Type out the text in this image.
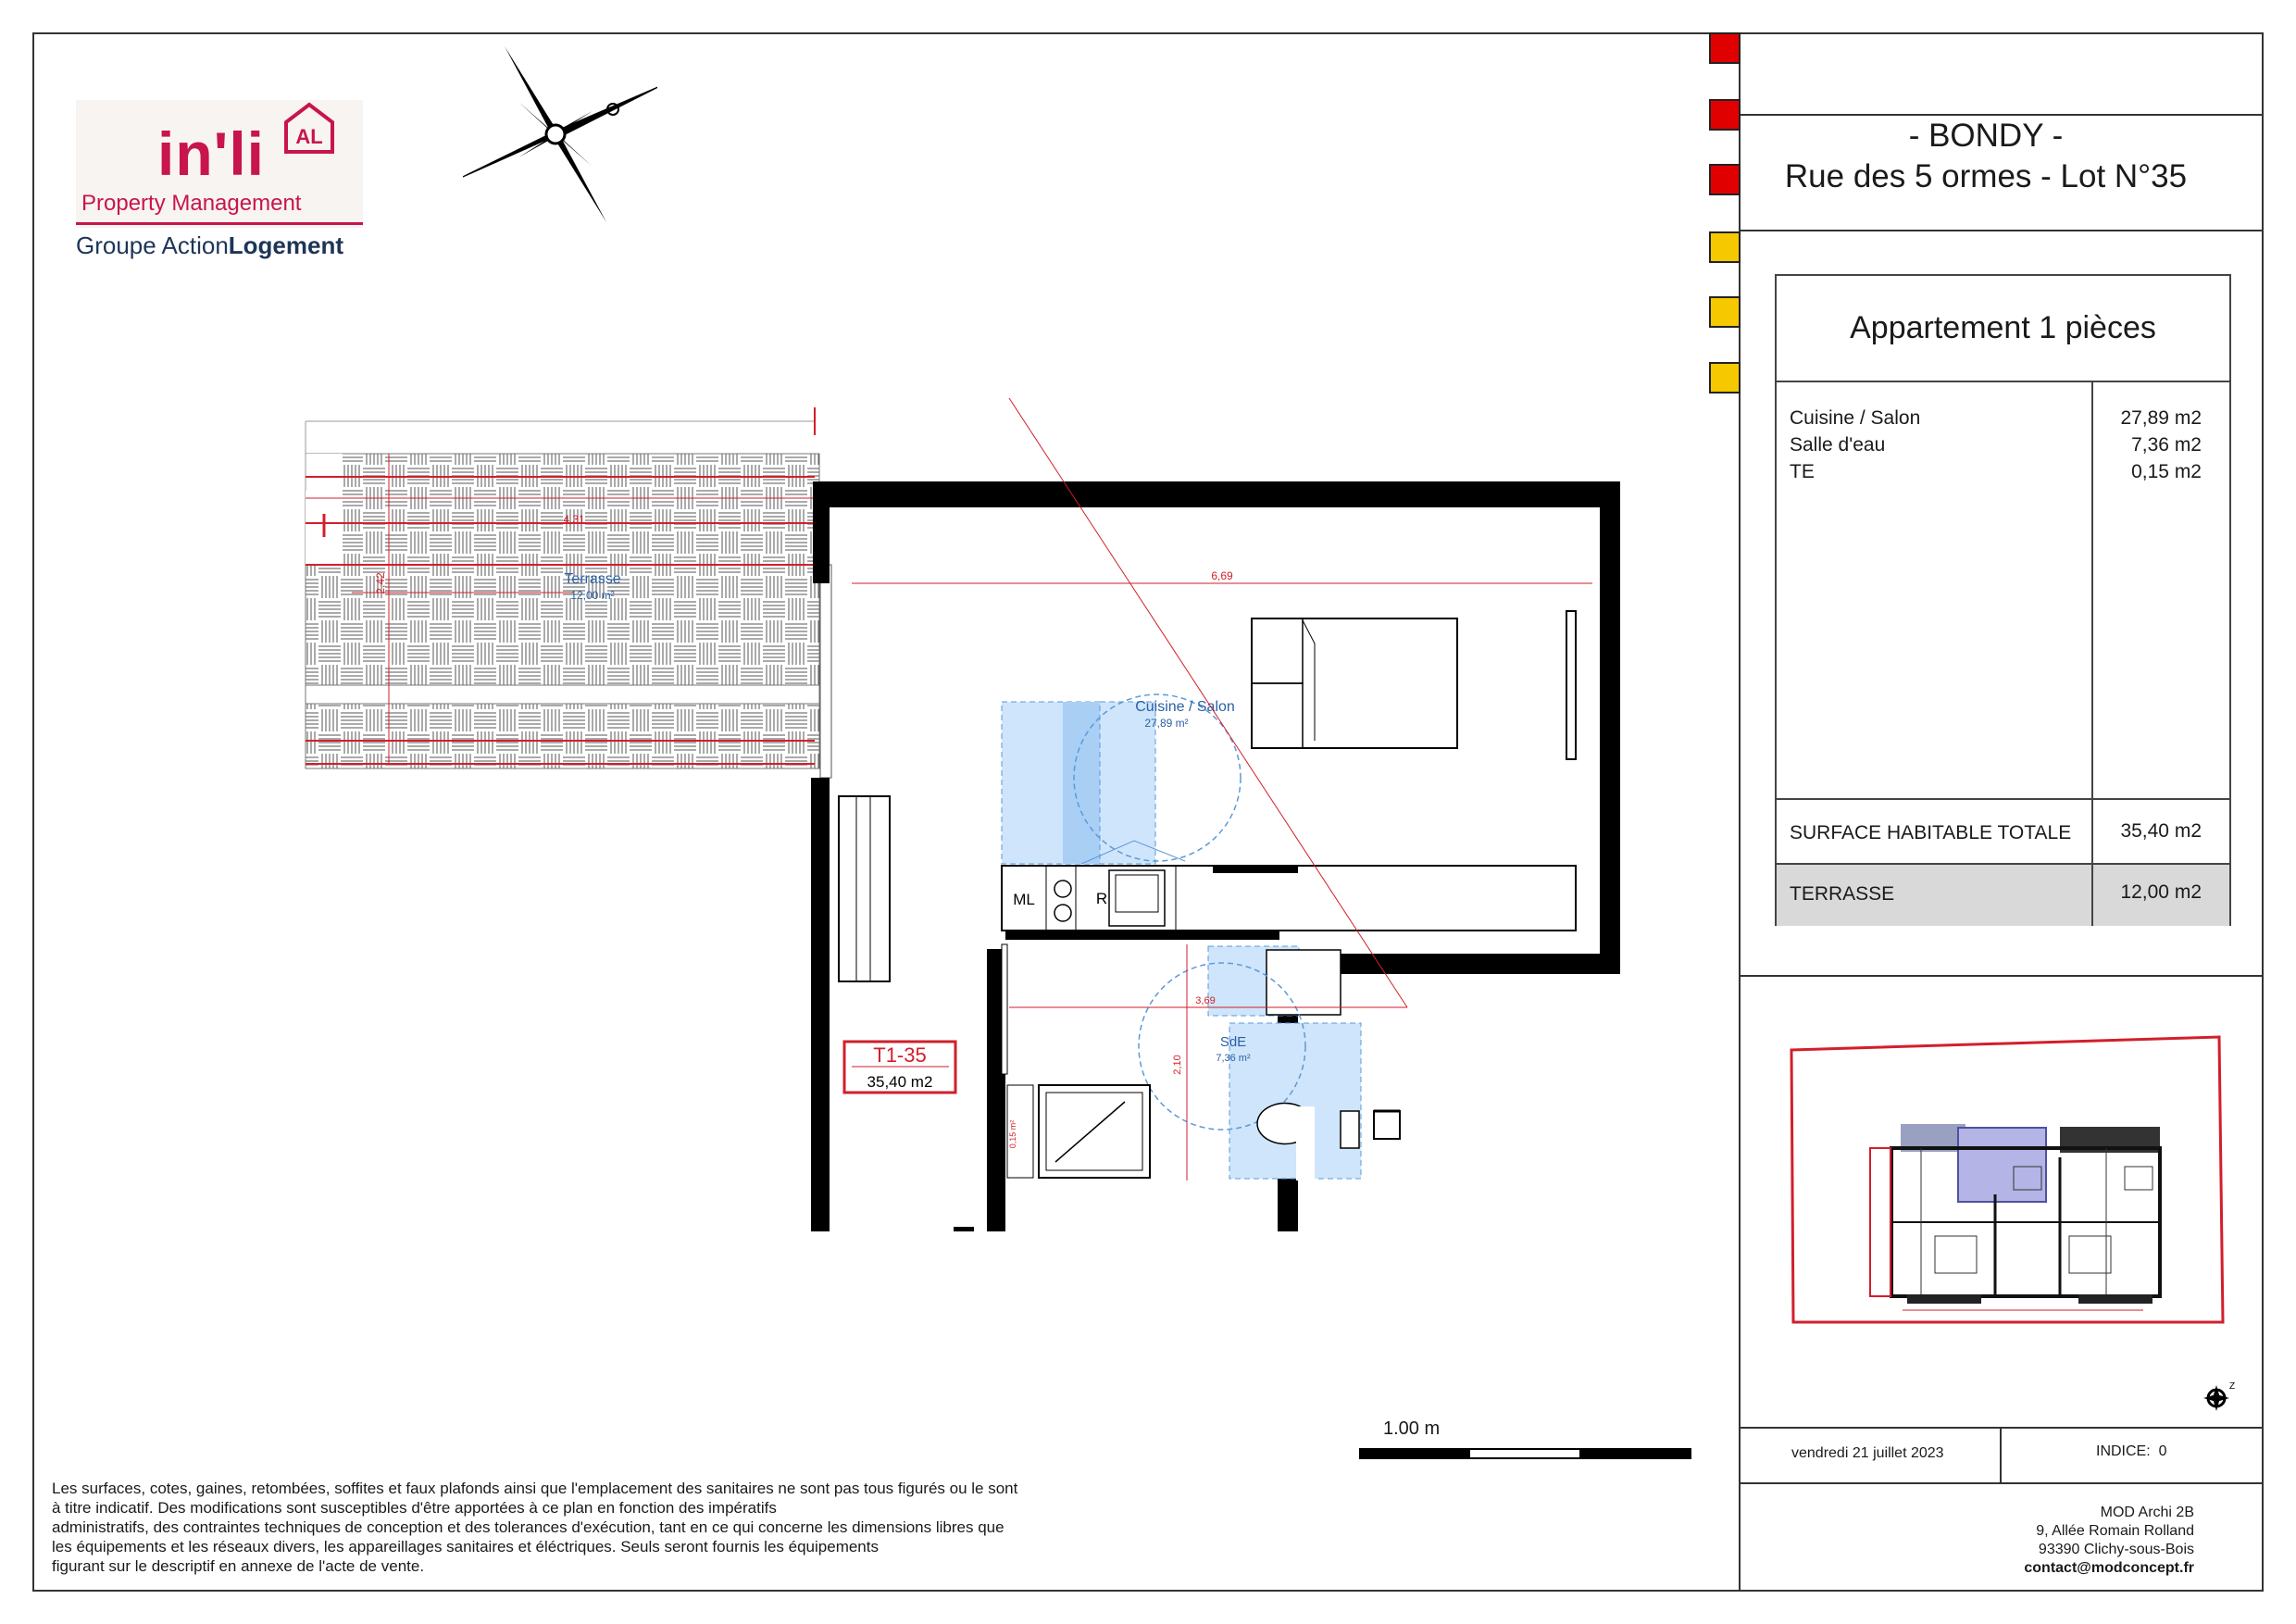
in'li AL
Property Management
Groupe ActionLogement
- BONDY -
Rue des 5 ormes - Lot N°35
Appartement 1 pièces
Cuisine / Salon	27,89 m2
Salle d'eau	7,36 m2
TE	0,15 m2
SURFACE HABITABLE TOTALE	35,40 m2
TERRASSE	12,00 m2
Z
vendredi 21 juillet 2023	INDICE:  0
MOD Archi 2B
9, Allée Romain Rolland
93390 Clichy-sous-Bois
contact@modconcept.fr
Les surfaces, cotes, gaines, retombées, soffites et faux plafonds ainsi que l'emplacement des sanitaires ne sont pas tous figurés ou le sont
à titre indicatif. Des modifications sont susceptibles d'être apportées à ce plan en fonction des impératifs
administratifs, des contraintes techniques de conception et des tolerances d'exécution, tant en ce qui concerne les dimensions libres que
les équipements et les réseaux divers, les appareillages sanitaires et éléctriques. Seuls seront fournis les équipements
figurant sur le descriptif en annexe de l'acte de vente.
1.00 m
4,31
2,42	Terrasse
12,00 m²
6,69
Cuisine / Salon
27,89 m²
ML	R
0,15 m²
3,69
2,10
SdE
7,36 m²
T1-35
35,40 m2
